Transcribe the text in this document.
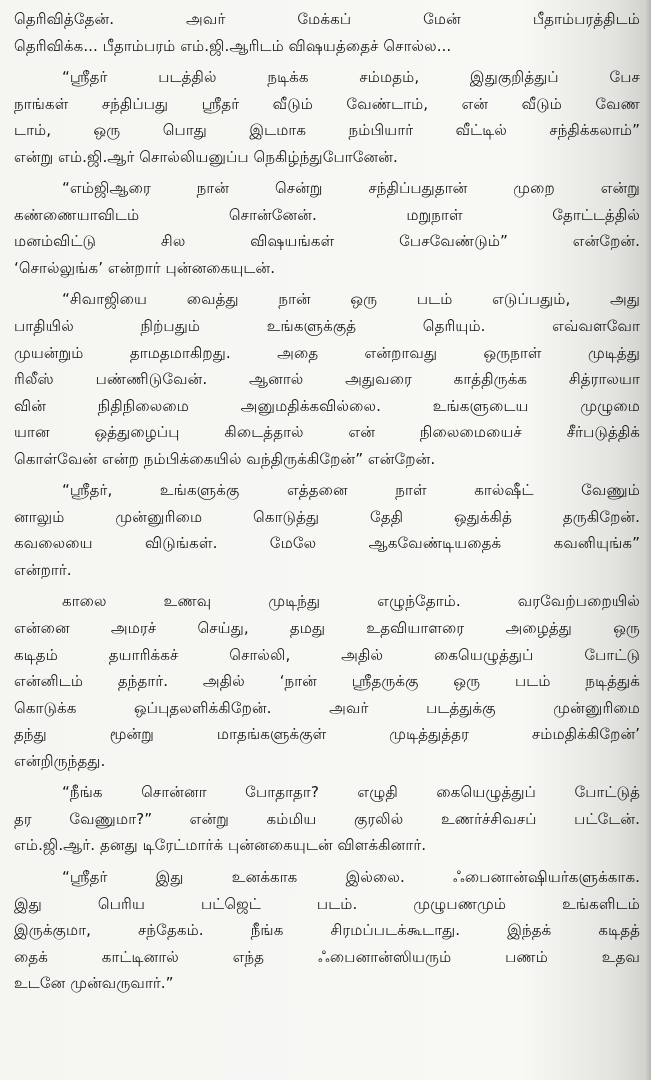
தெரிவித்தேன். அவர் மேக்கப் மேன் பீதாம்பரத்திடம்
தெரிவிக்க... பீதாம்பரம் எம்.ஜி.ஆரிடம் விஷயத்தைச் சொல்ல...
“ஸ்ரீதர் படத்தில் நடிக்க சம்மதம், இதுகுறித்துப் பேச
நாங்கள் சந்திப்பது ஸ்ரீதர் வீடும் வேண்டாம், என் வீடும் வேண
டாம், ஒரு பொது இடமாக நம்பியார் வீட்டில் சந்திக்கலாம்”
என்று எம்.ஜி.ஆர் சொல்லியனுப்ப நெகிழ்ந்துபோனேன்.
“எம்ஜிஆரை நான் சென்று சந்திப்பதுதான் முறை என்று
கண்ணையாவிடம் சொன்னேன். மறுநாள் தோட்டத்தில்
மனம்விட்டு சில விஷயங்கள் பேசவேண்டும்” என்றேன்.
‘சொல்லுங்க’ என்றார் புன்னகையுடன்.
“சிவாஜியை வைத்து நான் ஒரு படம் எடுப்பதும், அது
பாதியில் நிற்பதும் உங்களுக்குத் தெரியும். எவ்வளவோ
முயன்றும் தாமதமாகிறது. அதை என்றாவது ஒருநாள் முடித்து
ரிலீஸ் பண்ணிடுவேன். ஆனால் அதுவரை காத்திருக்க சித்ராலயா
வின் நிதிநிலைமை அனுமதிக்கவில்லை. உங்களுடைய முழுமை
யான ஒத்துழைப்பு கிடைத்தால் என் நிலைமையைச் சீர்படுத்திக்
கொள்வேன் என்ற நம்பிக்கையில் வந்திருக்கிறேன்” என்றேன்.
“ஸ்ரீதர், உங்களுக்கு எத்தனை நாள் கால்ஷீட் வேணும்
னாலும் முன்னுரிமை கொடுத்து தேதி ஒதுக்கித் தருகிறேன்.
கவலையை விடுங்கள். மேலே ஆகவேண்டியதைக் கவனியுங்க”
என்றார்.
காலை உணவு முடிந்து எழுந்தோம். வரவேற்பறையில்
என்னை அமரச் செய்து, தமது உதவியாளரை அழைத்து ஒரு
கடிதம் தயாரிக்கச் சொல்லி, அதில் கையெழுத்துப் போட்டு
என்னிடம் தந்தார். அதில் ‘நான் ஸ்ரீதருக்கு ஒரு படம் நடித்துக்
கொடுக்க ஒப்புதலளிக்கிறேன். அவர் படத்துக்கு முன்னுரிமை
தந்து மூன்று மாதங்களுக்குள் முடித்துத்தர சம்மதிக்கிறேன்’
என்றிருந்தது.
“நீங்க சொன்னா போதாதா? எழுதி கையெழுத்துப் போட்டுத்
தர வேணுமா?” என்று கம்மிய குரலில் உணர்ச்சிவசப் பட்டேன்.
எம்.ஜி.ஆர். தனது டிரேட்மார்க் புன்னகையுடன் விளக்கினார்.
“ஸ்ரீதர் இது உனக்காக இல்லை. ஃபைனான்ஷியர்களுக்காக.
இது பெரிய பட்ஜெட் படம். முழுபணமும் உங்களிடம்
இருக்குமா, சந்தேகம். நீங்க சிரமப்படக்கூடாது. இந்தக் கடிதத்
தைக் காட்டினால் எந்த ஃபைனான்ஸியரும் பணம் உதவ
உடனே முன்வருவார்.”
